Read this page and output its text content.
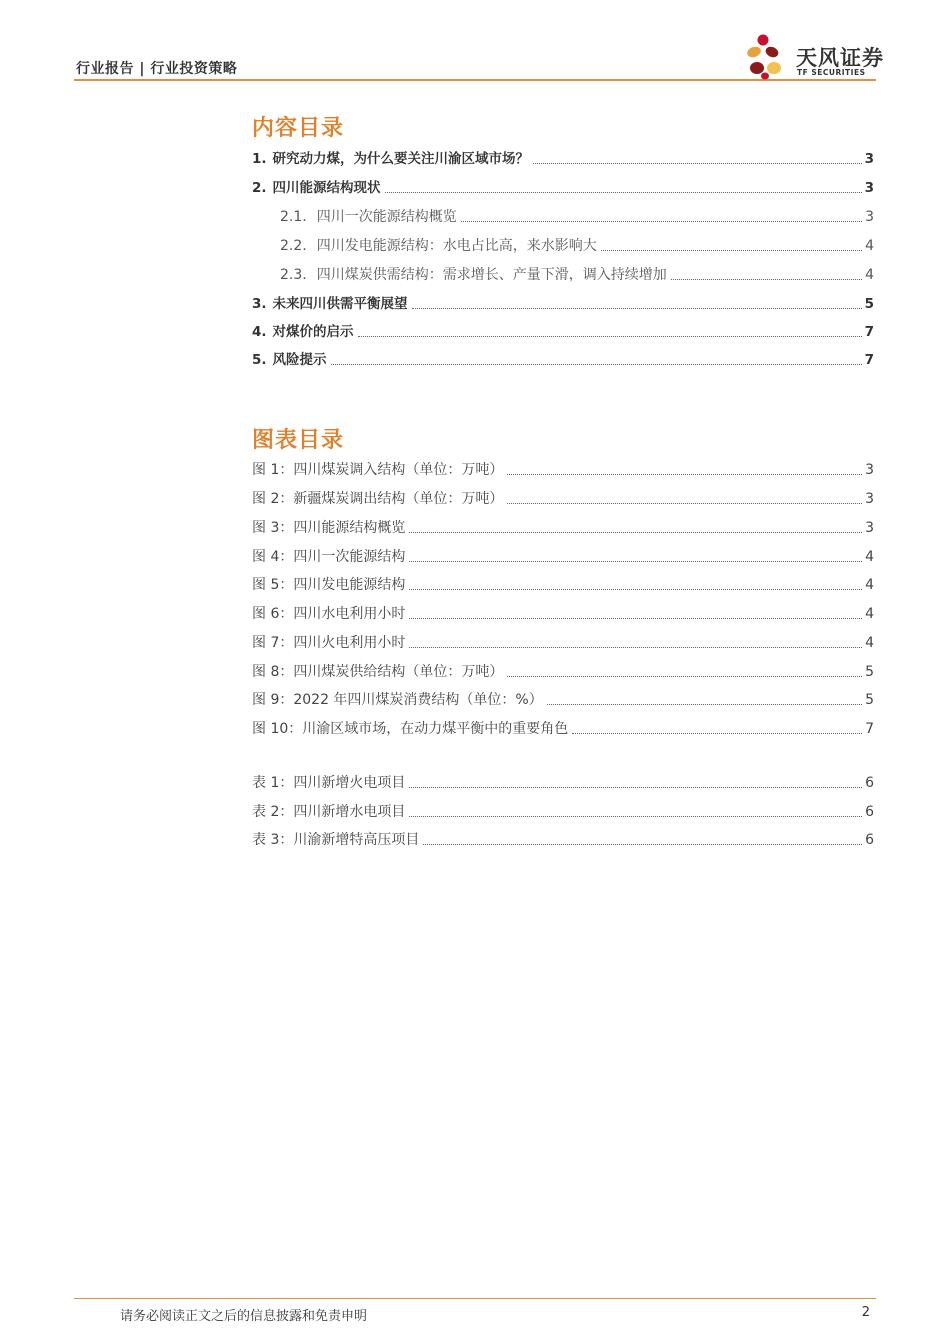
行业报告 | 行业投资策略	天风证券
TF SECURITIES
内容目录
1. 研究动力煤，为什么要关注川渝区域市场？	3
2. 四川能源结构现状	3
2.1. 四川一次能源结构概览	3
2.2. 四川发电能源结构：水电占比高，来水影响大	4
2.3. 四川煤炭供需结构：需求增长、产量下滑，调入持续增加	4
3. 未来四川供需平衡展望	5
4. 对煤价的启示	7
5. 风险提示	7
图表目录
图 1：四川煤炭调入结构（单位：万吨）	3
图 2：新疆煤炭调出结构（单位：万吨）	3
图 3：四川能源结构概览	3
图 4：四川一次能源结构	4
图 5：四川发电能源结构	4
图 6：四川水电利用小时	4
图 7：四川火电利用小时	4
图 8：四川煤炭供给结构（单位：万吨）	5
图 9：2022 年四川煤炭消费结构（单位：%）	5
图 10：川渝区域市场，在动力煤平衡中的重要角色	7
表 1：四川新增火电项目	6
表 2：四川新增水电项目	6
表 3：川渝新增特高压项目	6
请务必阅读正文之后的信息披露和免责申明	2
